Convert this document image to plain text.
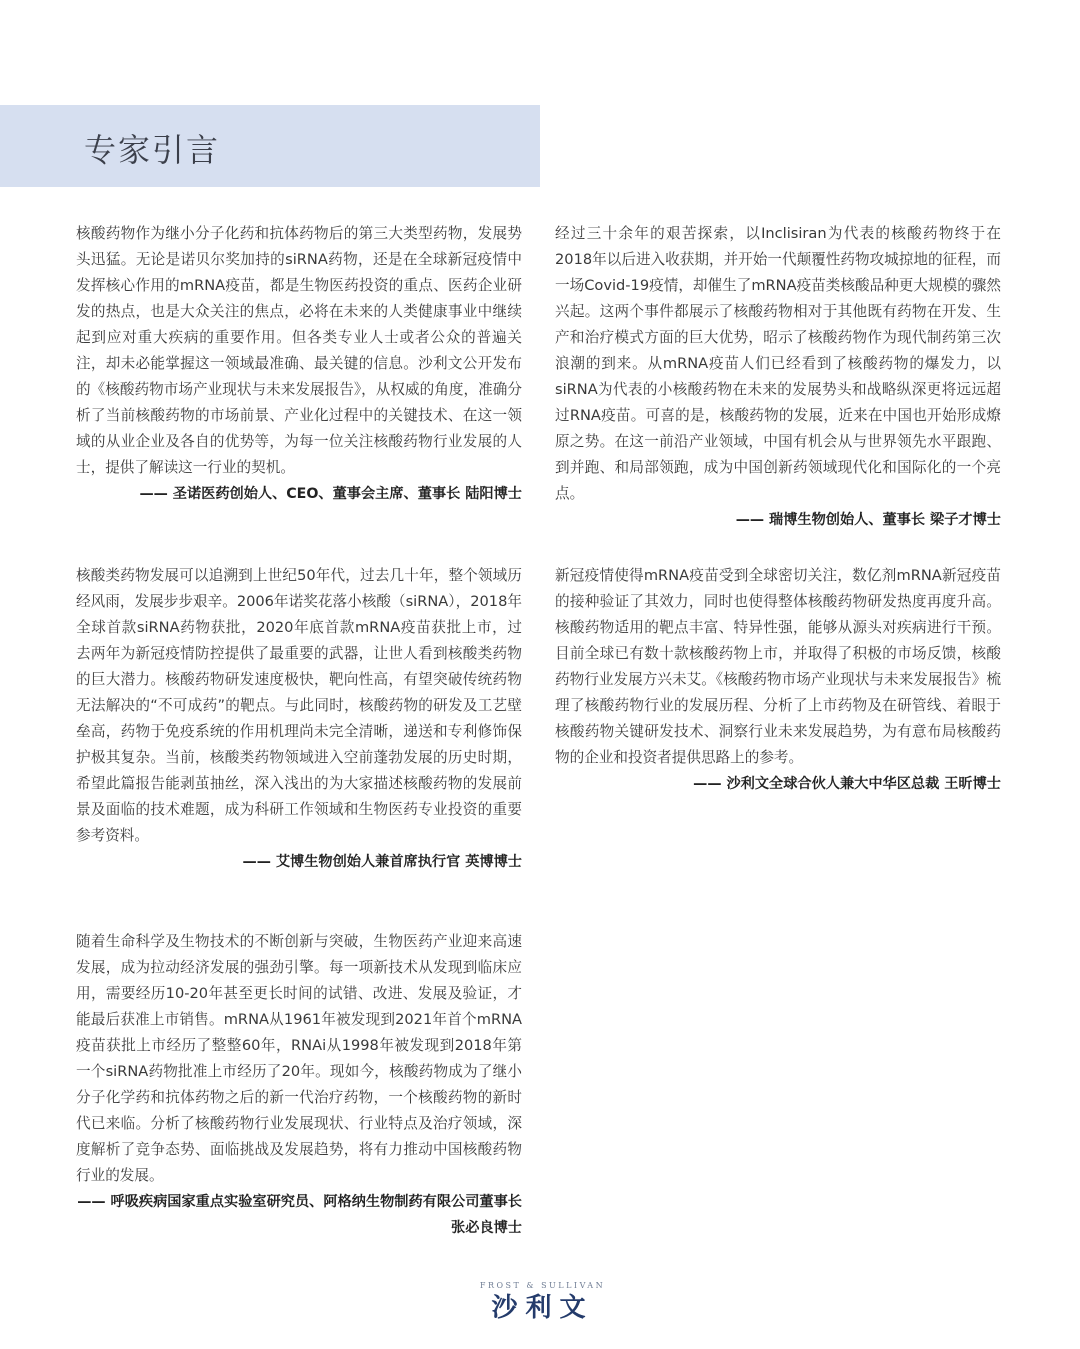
专家引言

核酸药物作为继小分子化药和抗体药物后的第三大类型药物，发展势头迅猛。无论是诺贝尔奖加持的siRNA药物，还是在全球新冠疫情中发挥核心作用的mRNA疫苗，都是生物医药投资的重点、医药企业研发的热点，也是大众关注的焦点，必将在未来的人类健康事业中继续起到应对重大疾病的重要作用。但各类专业人士或者公众的普遍关注，却未必能掌握这一领域最准确、最关键的信息。沙利文公开发布的《核酸药物市场产业现状与未来发展报告》，从权威的角度，准确分析了当前核酸药物的市场前景、产业化过程中的关键技术、在这一领域的从业企业及各自的优势等，为每一位关注核酸药物行业发展的人士，提供了解读这一行业的契机。

—— 圣诺医药创始人、CEO、董事会主席、董事长 陆阳博士

核酸类药物发展可以追溯到上世纪50年代，过去几十年，整个领域历经风雨，发展步步艰辛。2006年诺奖花落小核酸（siRNA），2018年全球首款siRNA药物获批，2020年底首款mRNA疫苗获批上市，过去两年为新冠疫情防控提供了最重要的武器，让世人看到核酸类药物的巨大潜力。核酸药物研发速度极快，靶向性高，有望突破传统药物无法解决的“不可成药”的靶点。与此同时，核酸药物的研发及工艺壁垒高，药物于免疫系统的作用机理尚未完全清晰，递送和专利修饰保护极其复杂。当前，核酸类药物领域进入空前蓬勃发展的历史时期，希望此篇报告能剥茧抽丝，深入浅出的为大家描述核酸药物的发展前景及面临的技术难题，成为科研工作领域和生物医药专业投资的重要参考资料。

—— 艾博生物创始人兼首席执行官 英博博士

随着生命科学及生物技术的不断创新与突破，生物医药产业迎来高速发展，成为拉动经济发展的强劲引擎。每一项新技术从发现到临床应用，需要经历10-20年甚至更长时间的试错、改进、发展及验证，才能最后获准上市销售。mRNA从1961年被发现到2021年首个mRNA疫苗获批上市经历了整整60年，RNAi从1998年被发现到2018年第一个siRNA药物批准上市经历了20年。现如今，核酸药物成为了继小分子化学药和抗体药物之后的新一代治疗药物，一个核酸药物的新时代已来临。分析了核酸药物行业发展现状、行业特点及治疗领域，深度解析了竞争态势、面临挑战及发展趋势，将有力推动中国核酸药物行业的发展。

—— 呼吸疾病国家重点实验室研究员、阿格纳生物制药有限公司董事长 张必良博士

经过三十余年的艰苦探索，以Inclisiran为代表的核酸药物终于在2018年以后进入收获期，并开始一代颠覆性药物攻城掠地的征程，而一场Covid-19疫情，却催生了mRNA疫苗类核酸品种更大规模的骤然兴起。这两个事件都展示了核酸药物相对于其他既有药物在开发、生产和治疗模式方面的巨大优势，昭示了核酸药物作为现代制药第三次浪潮的到来。从mRNA疫苗人们已经看到了核酸药物的爆发力，以siRNA为代表的小核酸药物在未来的发展势头和战略纵深更将远远超过RNA疫苗。可喜的是，核酸药物的发展，近来在中国也开始形成燎原之势。在这一前沿产业领域，中国有机会从与世界领先水平跟跑、到并跑、和局部领跑，成为中国创新药领域现代化和国际化的一个亮点。

—— 瑞博生物创始人、董事长 梁子才博士

新冠疫情使得mRNA疫苗受到全球密切关注，数亿剂mRNA新冠疫苗的接种验证了其效力，同时也使得整体核酸药物研发热度再度升高。核酸药物适用的靶点丰富、特异性强，能够从源头对疾病进行干预。目前全球已有数十款核酸药物上市，并取得了积极的市场反馈，核酸药物行业发展方兴未艾。《核酸药物市场产业现状与未来发展报告》梳理了核酸药物行业的发展历程、分析了上市药物及在研管线、着眼于核酸药物关键研发技术、洞察行业未来发展趋势，为有意布局核酸药物的企业和投资者提供思路上的参考。

—— 沙利文全球合伙人兼大中华区总裁 王昕博士

FROST & SULLIVAN
沙利文
